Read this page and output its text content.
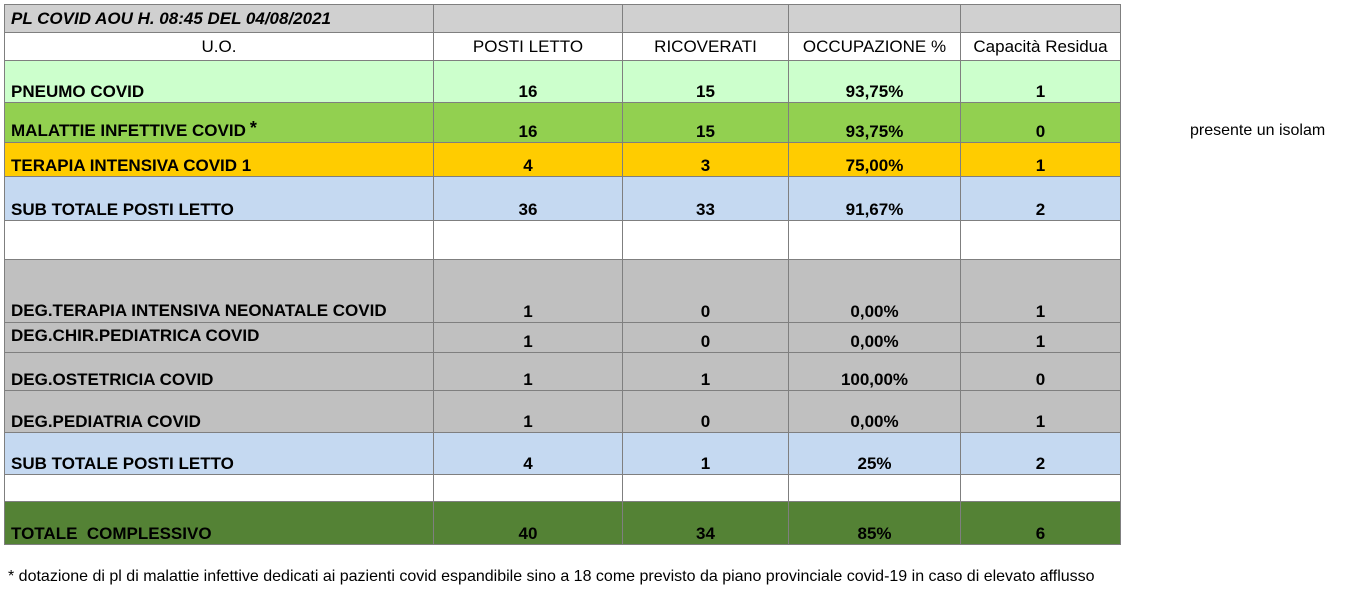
PL COVID AOU H. 08:45 DEL 04/08/2021				
U.O.	POSTI LETTO	RICOVERATI	OCCUPAZIONE %	Capacità Residua
PNEUMO COVID	16	15	93,75%	1
MALATTIE INFETTIVE COVID *	16	15	93,75%	0
TERAPIA INTENSIVA COVID 1	4	3	75,00%	1
SUB TOTALE POSTI LETTO	36	33	91,67%	2

DEG.TERAPIA INTENSIVA NEONATALE COVID	1	0	0,00%	1
DEG.CHIR.PEDIATRICA COVID	1	0	0,00%	1
DEG.OSTETRICIA COVID	1	1	100,00%	0
DEG.PEDIATRIA COVID	1	0	0,00%	1
SUB TOTALE POSTI LETTO	4	1	25%	2

TOTALE  COMPLESSIVO	40	34	85%	6
presente un isolam
* dotazione di pl di malattie infettive dedicati ai pazienti covid espandibile sino a 18 come previsto da piano provinciale covid-19 in caso di elevato afflusso
